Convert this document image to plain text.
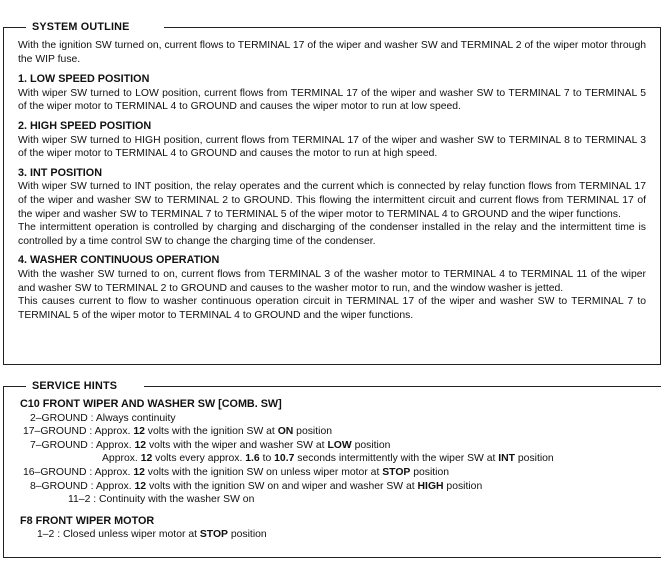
SYSTEM OUTLINE

With the ignition SW turned on, current flows to TERMINAL 17 of the wiper and washer SW and TERMINAL 2 of the wiper motor through the WIP fuse.

1. LOW SPEED POSITION

With wiper SW turned to LOW position, current flows from TERMINAL 17 of the wiper and washer SW to TERMINAL 7 to TERMINAL 5 of the wiper motor to TERMINAL 4 to GROUND and causes the wiper motor to run at low speed.

2. HIGH SPEED POSITION

With wiper SW turned to HIGH position, current flows from TERMINAL 17 of the wiper and washer SW to TERMINAL 8 to TERMINAL 3 of the wiper motor to TERMINAL 4 to GROUND and causes the motor to run at high speed.

3. INT POSITION

With wiper SW turned to INT position, the relay operates and the current which is connected by relay function flows from TERMINAL 17 of the wiper and washer SW to TERMINAL 2 to GROUND. This flowing the intermittent circuit and current flows from TERMINAL 17 of the wiper and washer SW to TERMINAL 7 to TERMINAL 5 of the wiper motor to TERMINAL 4 to GROUND and the wiper functions.

The intermittent operation is controlled by charging and discharging of the condenser installed in the relay and the intermittent time is controlled by a time control SW to change the charging time of the condenser.

4. WASHER CONTINUOUS OPERATION

With the washer SW turned to on, current flows from TERMINAL 3 of the washer motor to TERMINAL 4 to TERMINAL 11 of the wiper and washer SW to TERMINAL 2 to GROUND and causes to the washer motor to run, and the window washer is jetted.

This causes current to flow to washer continuous operation circuit in TERMINAL 17 of the wiper and washer SW to TERMINAL 7 to TERMINAL 5 of the wiper motor to TERMINAL 4 to GROUND and the wiper functions.

SERVICE HINTS
C10 FRONT WIPER AND WASHER SW [COMB. SW]
2–GROUND : Always continuity
17–GROUND : Approx. 12 volts with the ignition SW at ON position
7–GROUND : Approx. 12 volts with the wiper and washer SW at LOW position
Approx. 12 volts every approx. 1.6 to 10.7 seconds intermittently with the wiper SW at INT position
16–GROUND : Approx. 12 volts with the ignition SW on unless wiper motor at STOP position
8–GROUND : Approx. 12 volts with the ignition SW on and wiper and washer SW at HIGH position
11–2 : Continuity with the washer SW on
F8 FRONT WIPER MOTOR
1–2 : Closed unless wiper motor at STOP position
